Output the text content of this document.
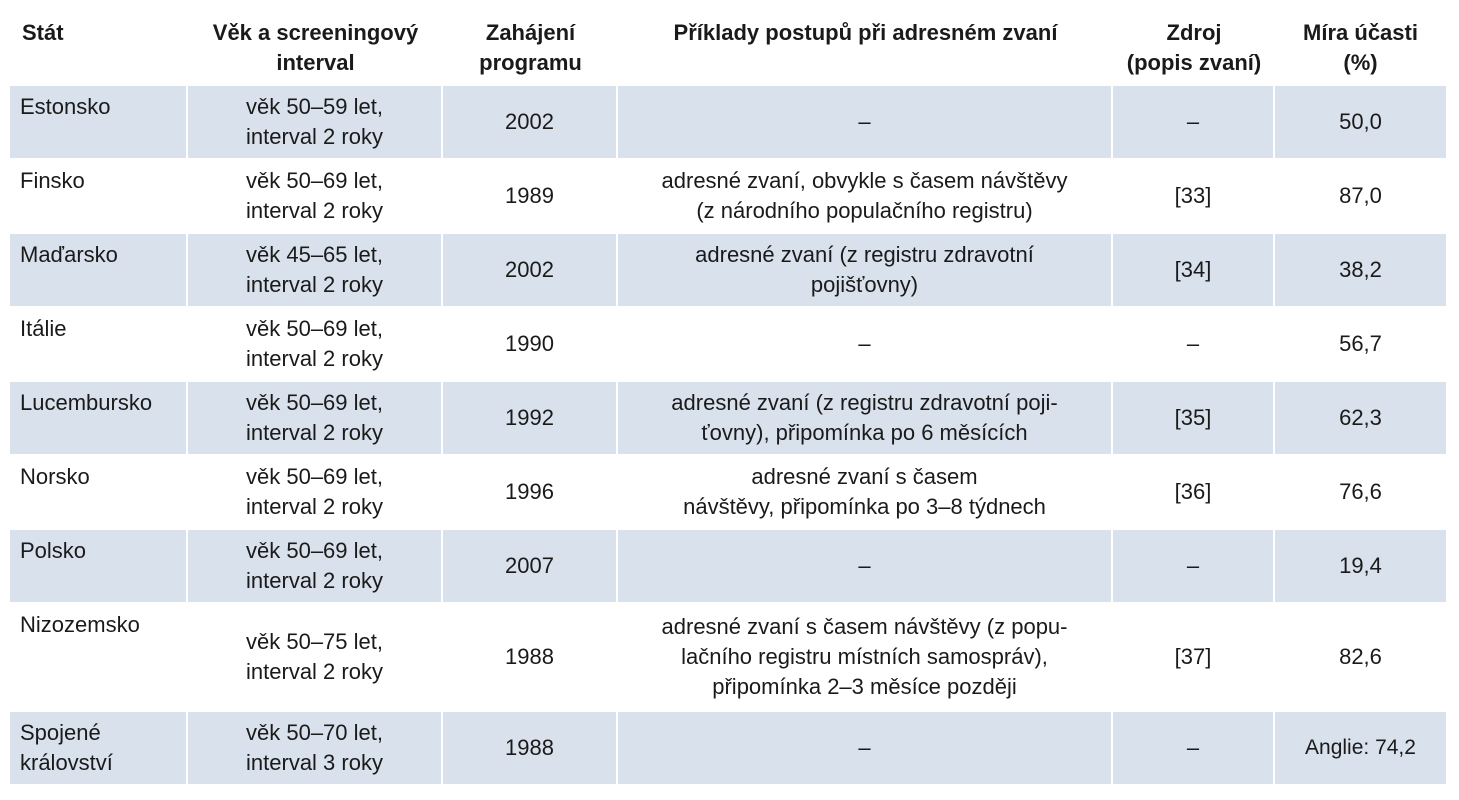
Stát	Věk a screeningový
interval	Zahájení
programu	Příklady postupů při adresném zvaní	Zdroj
(popis zvaní)	Míra účasti
(%)

Estonsko	věk 50–59 let,
interval 2 roky	2002	–	–	50,0

Finsko	věk 50–69 let,
interval 2 roky	1989	adresné zvaní, obvykle s časem návštěvy
(z národního populačního registru)	[33]	87,0

Maďarsko	věk 45–65 let,
interval 2 roky	2002	adresné zvaní (z registru zdravotní
pojišťovny)	[34]	38,2

Itálie	věk 50–69 let,
interval 2 roky	1990	–	–	56,7

Lucembursko	věk 50–69 let,
interval 2 roky	1992	adresné zvaní (z registru zdravotní poji-
ťovny), připomínka po 6 měsících	[35]	62,3

Norsko	věk 50–69 let,
interval 2 roky	1996	adresné zvaní s časem
návštěvy, připomínka po 3–8 týdnech	[36]	76,6

Polsko	věk 50–69 let,
interval 2 roky	2007	–	–	19,4

Nizozemsko	věk 50–75 let,
interval 2 roky	1988	adresné zvaní s časem návštěvy (z popu-
lačního registru místních samospráv),
připomínka 2–3 měsíce později	[37]	82,6

Spojené
království	věk 50–70 let,
interval 3 roky	1988	–	–	Anglie: 74,2
